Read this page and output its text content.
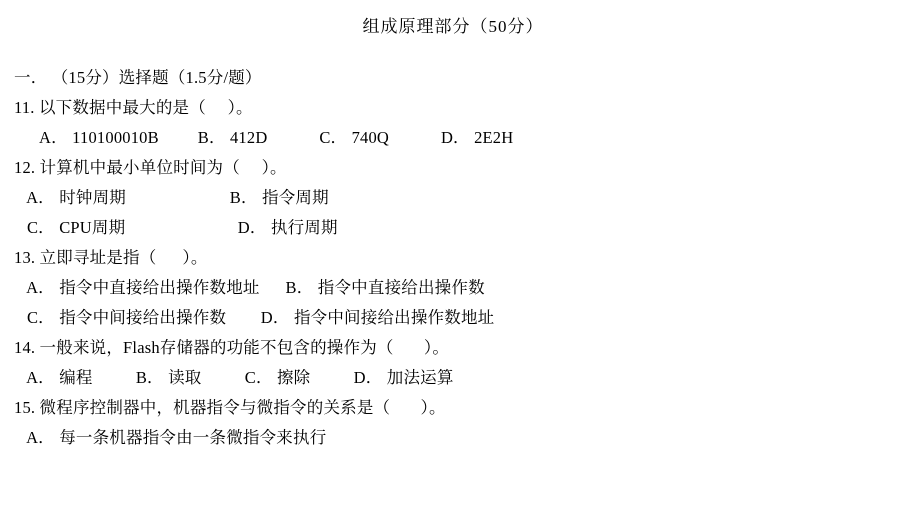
组成原理部分（50分）
一． （15分）选择题（1.5分/题）
11. 以下数据中最大的是（     ）。
A． 110100010B         B． 412D            C． 740Q            D． 2E2H
12. 计算机中最小单位时间为（     ）。
A． 时钟周期                        B． 指令周期
C． CPU周期                          D． 执行周期
13. 立即寻址是指（      ）。
A． 指令中直接给出操作数地址      B． 指令中直接给出操作数
C． 指令中间接给出操作数        D． 指令中间接给出操作数地址
14. 一般来说，Flash存储器的功能不包含的操作为（       ）。
A． 编程          B． 读取          C． 擦除          D． 加法运算
15. 微程序控制器中，机器指令与微指令的关系是（       ）。
A． 每一条机器指令由一条微指令来执行
